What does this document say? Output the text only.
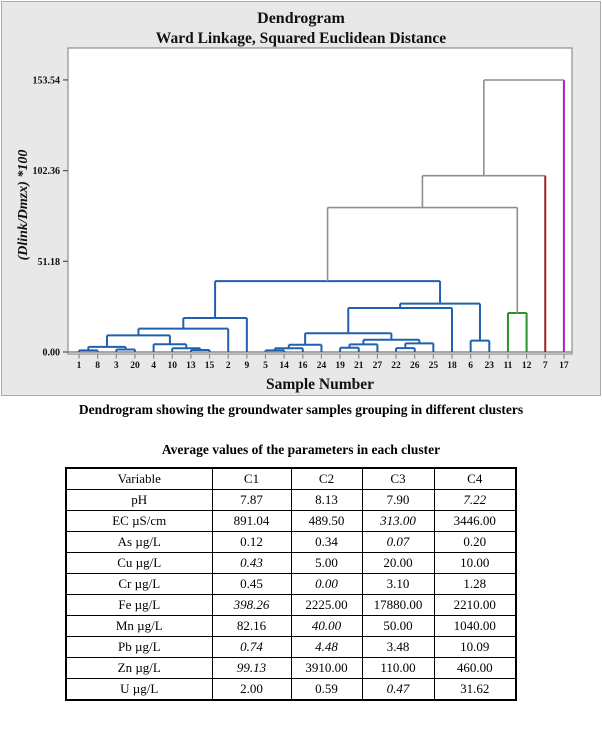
Dendrogram
Ward Linkage, Squared Euclidean Distance
0.00
51.18
102.36
153.54
1 8 3 20 4 10 13 15 2 9 5 14 16 24 19 21 27 22 26 25 18 6 23 11 12 7 17
Sample Number
(Dlink/Dmzx) *100
Dendrogram showing the groundwater samples grouping in different clusters
Average values of the parameters in each cluster
Variable	C1	C2	C3	C4
pH	7.87	8.13	7.90	7.22
EC µS/cm	891.04	489.50	313.00	3446.00
As µg/L	0.12	0.34	0.07	0.20
Cu µg/L	0.43	5.00	20.00	10.00
Cr µg/L	0.45	0.00	3.10	1.28
Fe µg/L	398.26	2225.00	17880.00	2210.00
Mn µg/L	82.16	40.00	50.00	1040.00
Pb µg/L	0.74	4.48	3.48	10.09
Zn µg/L	99.13	3910.00	110.00	460.00
U µg/L	2.00	0.59	0.47	31.62
